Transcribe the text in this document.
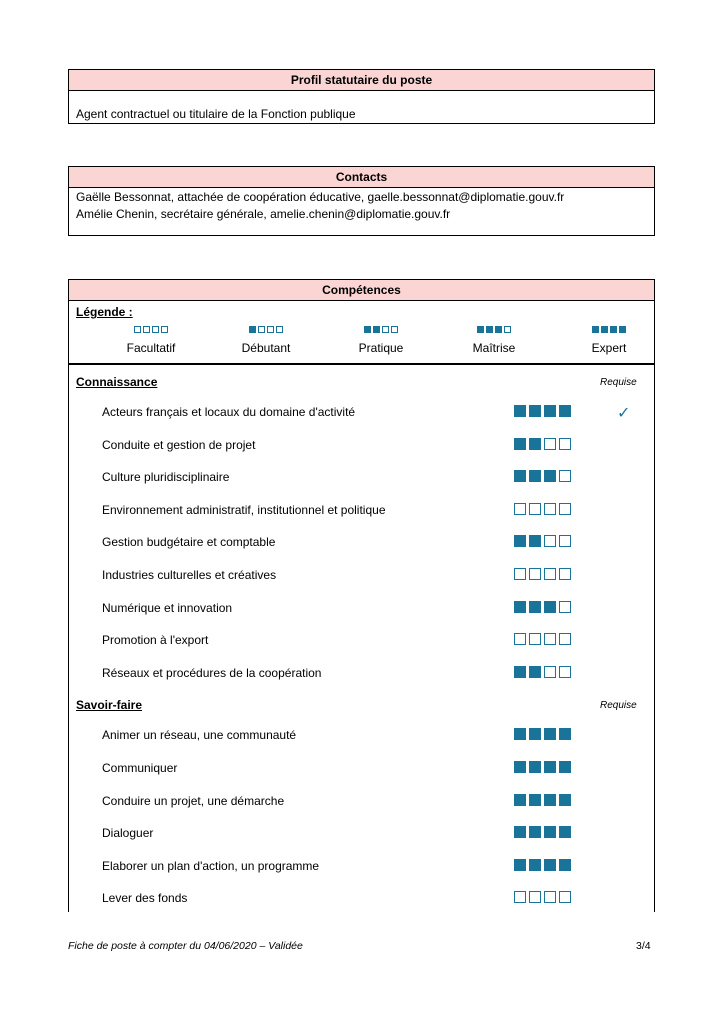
Profil statutaire du poste
Agent contractuel ou titulaire de la Fonction publique
Contacts
Gaëlle Bessonnat, attachée de coopération éducative, gaelle.bessonnat@diplomatie.gouv.fr
Amélie Chenin, secrétaire générale, amelie.chenin@diplomatie.gouv.fr
Compétences
Légende :
Facultatif	Débutant	Pratique	Maîtrise	Expert
Connaissance	Requise
Acteurs français et locaux du domaine d'activité	✓
Conduite et gestion de projet
Culture pluridisciplinaire
Environnement administratif, institutionnel et politique
Gestion budgétaire et comptable
Industries culturelles et créatives
Numérique et innovation
Promotion à l'export
Réseaux et procédures de la coopération
Savoir-faire	Requise
Animer un réseau, une communauté
Communiquer
Conduire un projet, une démarche
Dialoguer
Elaborer un plan d'action, un programme
Lever des fonds
Fiche de poste à compter du 04/06/2020 – Validée	3/4
